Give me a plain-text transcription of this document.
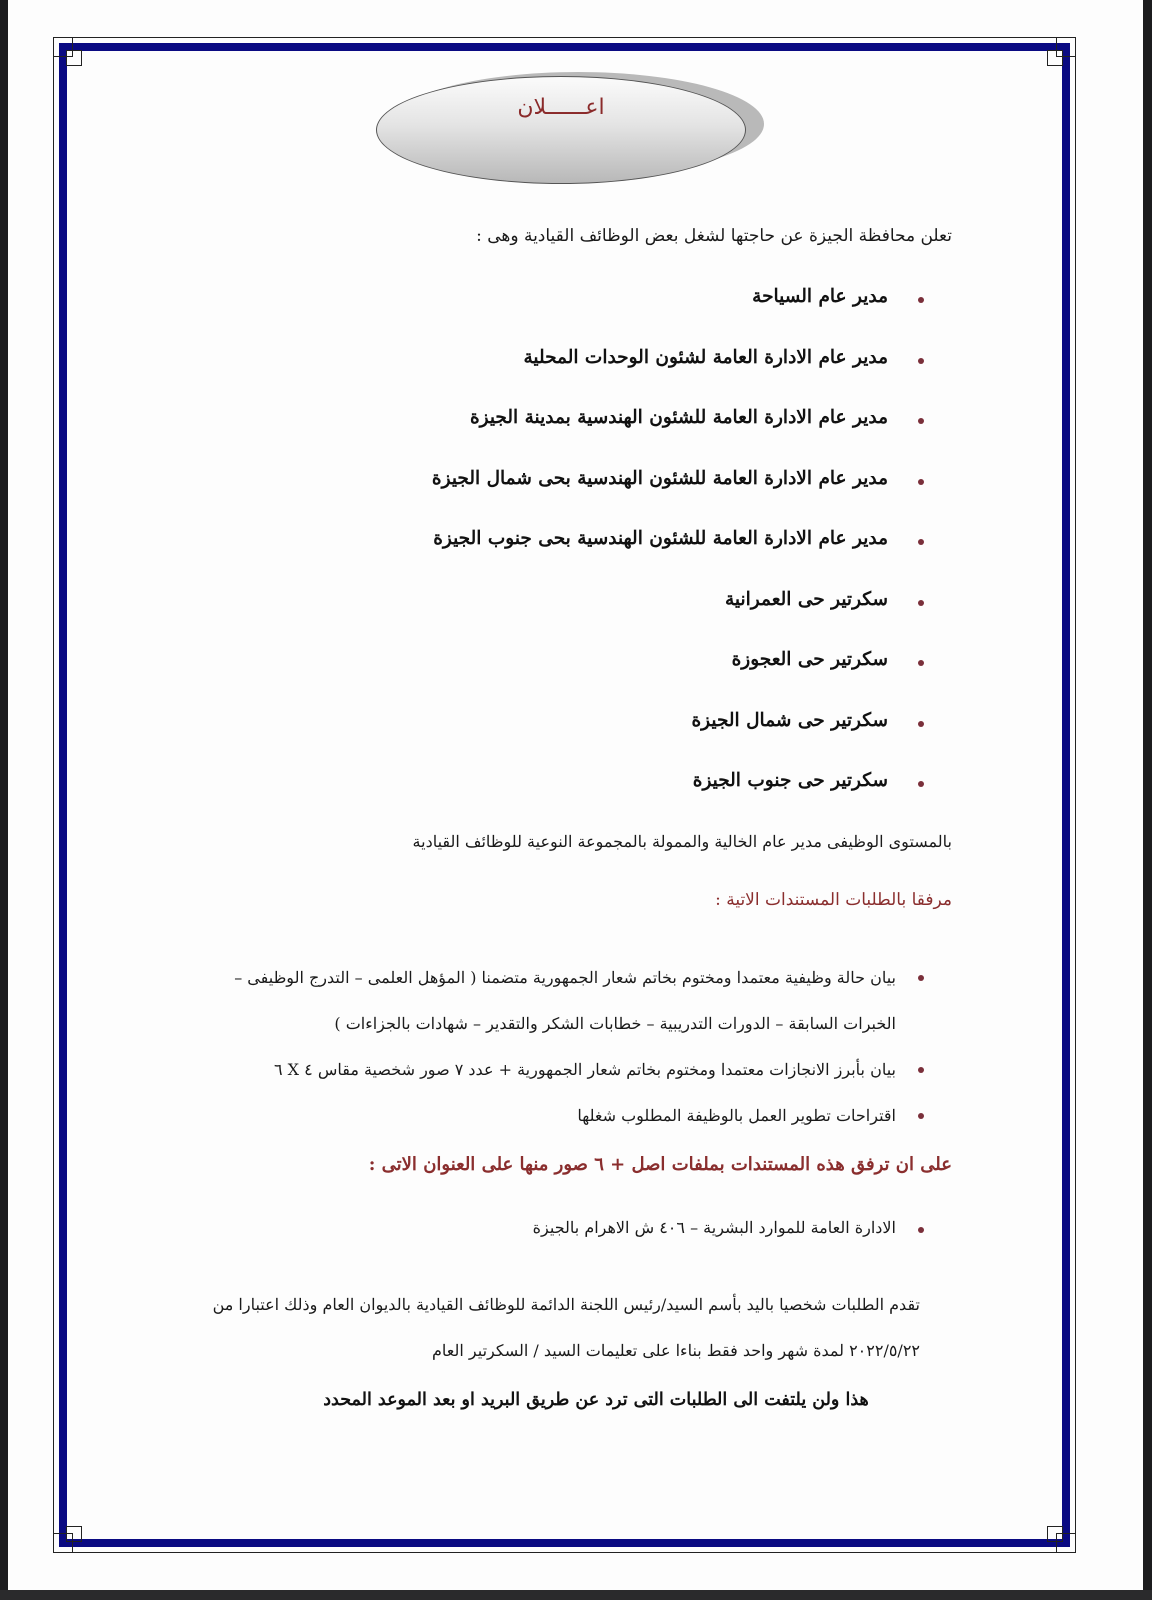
اعــــــلان
تعلن محافظة الجيزة عن حاجتها لشغل بعض الوظائف القيادية وهى :
مدير عام السياحة
مدير عام الادارة العامة لشئون الوحدات المحلية
مدير عام الادارة العامة للشئون الهندسية بمدينة الجيزة
مدير عام الادارة العامة للشئون الهندسية بحى شمال الجيزة
مدير عام الادارة العامة للشئون الهندسية بحى جنوب الجيزة
سكرتير حى العمرانية
سكرتير حى العجوزة
سكرتير حى شمال الجيزة
سكرتير حى جنوب الجيزة
بالمستوى الوظيفى مدير عام الخالية والممولة بالمجموعة النوعية للوظائف القيادية
مرفقا بالطلبات المستندات الاتية :
بيان حالة وظيفية معتمدا ومختوم بخاتم شعار الجمهورية متضمنا ( المؤهل العلمى – التدرج الوظيفى –
الخبرات السابقة – الدورات التدريبية – خطابات الشكر والتقدير – شهادات بالجزاءات )
بيان بأبرز الانجازات معتمدا ومختوم بخاتم شعار الجمهورية + عدد ٧ صور شخصية مقاس ٤ X ٦
اقتراحات تطوير العمل بالوظيفة المطلوب شغلها
على ان ترفق هذه المستندات بملفات اصل + ٦ صور منها على العنوان الاتى :
الادارة العامة للموارد البشرية – ٤٠٦ ش الاهرام بالجيزة
تقدم الطلبات شخصيا باليد بأسم السيد/رئيس اللجنة الدائمة للوظائف القيادية بالديوان العام وذلك اعتبارا من
٢٠٢٢/٥/٢٢ لمدة شهر واحد فقط بناءا على تعليمات السيد / السكرتير العام
هذا ولن يلتفت الى الطلبات التى ترد عن طريق البريد او بعد الموعد المحدد
